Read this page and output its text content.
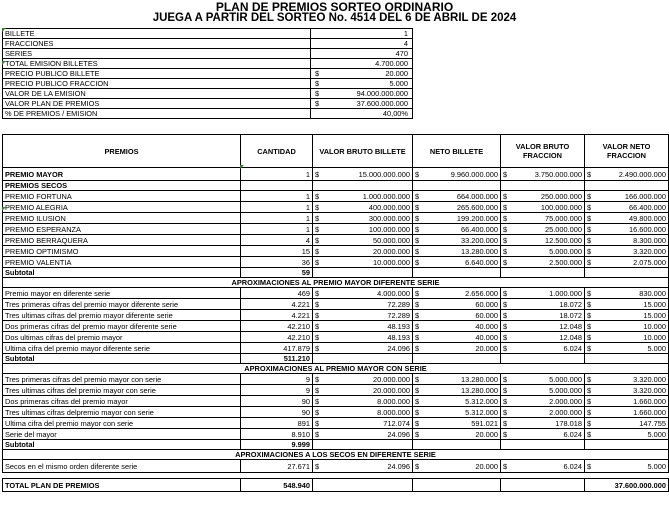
PLAN DE PREMIOS SORTEO ORDINARIO
JUEGA A PARTIR DEL SORTEO No. 4514 DEL 6 DE ABRIL DE 2024
BILLETE	1

FRACCIONES	4

SERIES	470

TOTAL EMISION BILLETES	4.700.000

PRECIO PUBLICO BILLETE	$ 20.000

PRECIO PUBLICO FRACCION	$ 5.000

VALOR DE LA EMISION	$ 94.000.000.000

VALOR PLAN DE PREMIOS	$ 37.600.000.000

% DE PREMIOS / EMISION	40,00%
PREMIOS	CANTIDAD	VALOR BRUTO BILLETE	NETO BILLETE	VALOR BRUTO FRACCION	VALOR NETO FRACCION
PREMIO MAYOR	1	$ 15.000.000.000	$ 9.960.000.000	$ 3.750.000.000	$ 2.490.000.000

PREMIOS SECOS					
PREMIO FORTUNA	1	$ 1.000.000.000	$ 664.000.000	$ 250.000.000	$ 166.000.000

PREMIO ALEGRIA	1	$ 400.000.000	$ 265.600.000	$ 100.000.000	$ 66.400.000

PREMIO ILUSION	1	$ 300.000.000	$ 199.200.000	$ 75.000.000	$ 49.800.000

PREMIO ESPERANZA	1	$ 100.000.000	$ 66.400.000	$ 25.000.000	$ 16.600.000

PREMIO BERRAQUERA	4	$ 50.000.000	$ 33.200.000	$ 12.500.000	$ 8.300.000

PREMIO OPTIMISMO	15	$ 20.000.000	$ 13.280.000	$ 5.000.000	$ 3.320.000

PREMIO VALENTIA	36	$ 10.000.000	$ 6.640.000	$ 2.500.000	$ 2.075.000

Subtotal	59				
APROXIMACIONES AL PREMIO MAYOR DIFERENTE SERIE					
Premio mayor en diferente serie	469	$ 4.000.000	$ 2.656.000	$ 1.000.000	$ 830.000

Tres primeras cifras del premio mayor diferente serie	4.221	$ 72.289	$ 60.000	$ 18.072	$ 15.000

Tres ultimas cifras del premio mayor diferente serie	4.221	$ 72.289	$ 60.000	$ 18.072	$ 15.000

Dos primeras cifras del premio mayor diferente serie	42.210	$ 48.193	$ 40.000	$ 12.048	$ 10.000

Dos ultimas cifras del premio mayor	42.210	$ 48.193	$ 40.000	$ 12.048	$ 10.000

Ultima cifra del premio mayor diferente serie	417.879	$ 24.096	$ 20.000	$ 6.024	$ 5.000

Subtotal	511.210				
APROXIMACIONES AL PREMIO MAYOR CON SERIE					
Tres primeras cifras del premio mayor con serie	9	$ 20.000.000	$ 13.280.000	$ 5.000.000	$ 3.320.000

Tres ultimas cifras del premio mayor con serie	9	$ 20.000.000	$ 13.280.000	$ 5.000.000	$ 3.320.000

Dos primeras cifras del premio mayor	90	$ 8.000.000	$ 5.312.000	$ 2.000.000	$ 1.660.000

Tres ultimas cifras delpremio mayor con serie	90	$ 8.000.000	$ 5.312.000	$ 2.000.000	$ 1.660.000

Ultima cifra del premio mayor con serie	891	$ 712.074	$ 591.021	$ 178.018	$ 147.755

Serie del mayor	8.910	$ 24.096	$ 20.000	$ 6.024	$ 5.000

Subtotal	9.999				
APROXIMACIONES A LOS SECOS EN DIFERENTE SERIE					
Secos en el mismo orden diferente serie	27.671	$ 24.096	$ 20.000	$ 6.024	$ 5.000

TOTAL PLAN DE PREMIOS	548.940				37.600.000.000
